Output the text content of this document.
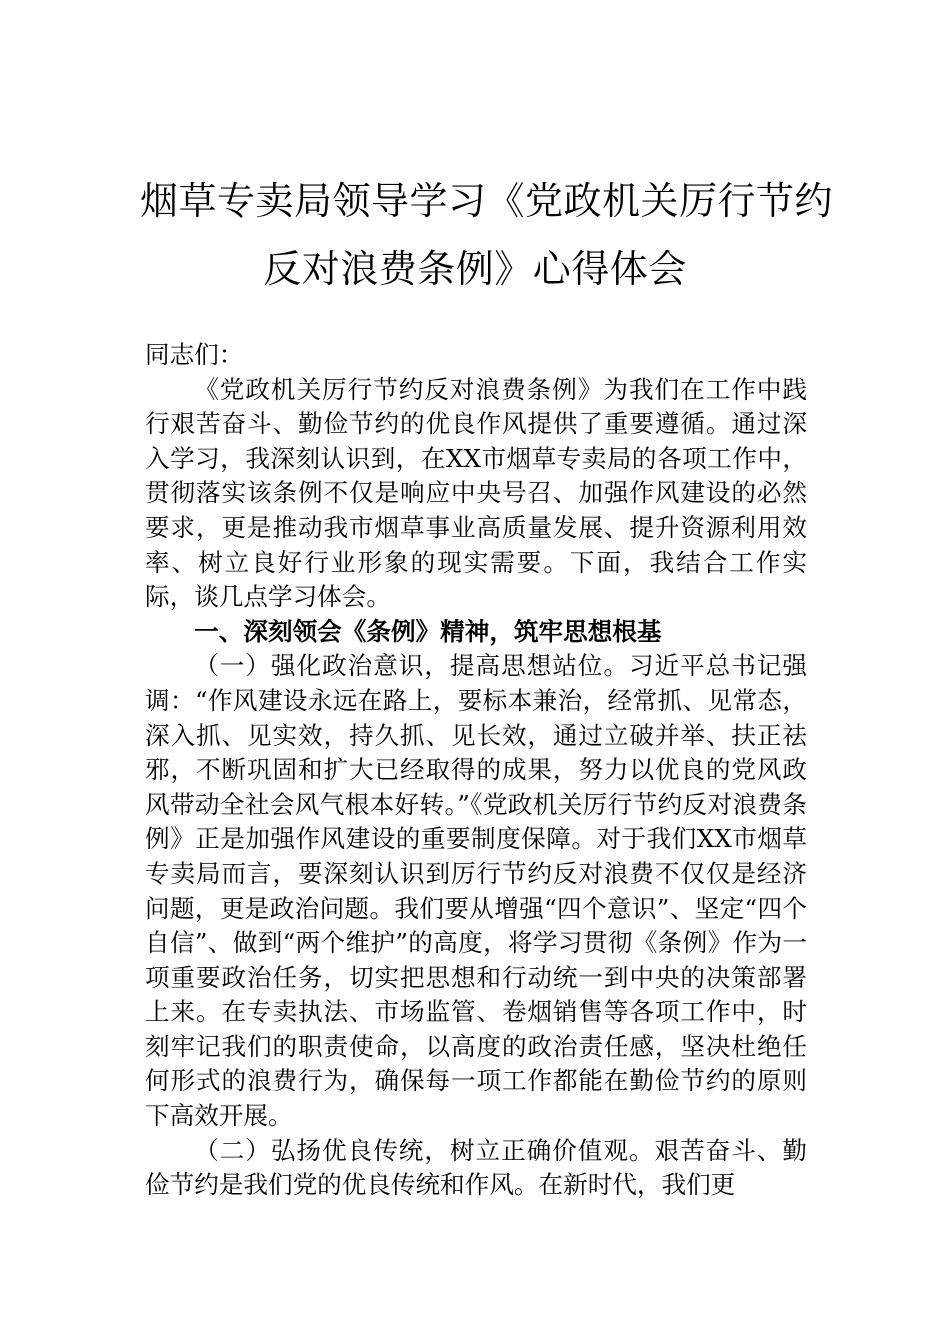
烟草专卖局领导学习《党政机关厉行节约
反对浪费条例》心得体会

同志们：

《党政机关厉行节约反对浪费条例》为我们在工作中践行艰苦奋斗、勤俭节约的优良作风提供了重要遵循。通过深入学习，我深刻认识到，在XX市烟草专卖局的各项工作中，贯彻落实该条例不仅是响应中央号召、加强作风建设的必然要求，更是推动我市烟草事业高质量发展、提升资源利用效率、树立良好行业形象的现实需要。下面，我结合工作实际，谈几点学习体会。

一、深刻领会《条例》精神，筑牢思想根基

（一）强化政治意识，提高思想站位。习近平总书记强调：“作风建设永远在路上，要标本兼治，经常抓、见常态，深入抓、见实效，持久抓、见长效，通过立破并举、扶正祛邪，不断巩固和扩大已经取得的成果，努力以优良的党风政风带动全社会风气根本好转。”《党政机关厉行节约反对浪费条例》正是加强作风建设的重要制度保障。对于我们XX市烟草专卖局而言，要深刻认识到厉行节约反对浪费不仅仅是经济问题，更是政治问题。我们要从增强“四个意识”、坚定“四个自信”、做到“两个维护”的高度，将学习贯彻《条例》作为一项重要政治任务，切实把思想和行动统一到中央的决策部署上来。在专卖执法、市场监管、卷烟销售等各项工作中，时刻牢记我们的职责使命，以高度的政治责任感，坚决杜绝任何形式的浪费行为，确保每一项工作都能在勤俭节约的原则下高效开展。

（二）弘扬优良传统，树立正确价值观。艰苦奋斗、勤俭节约是我们党的优良传统和作风。在新时代，我们更
